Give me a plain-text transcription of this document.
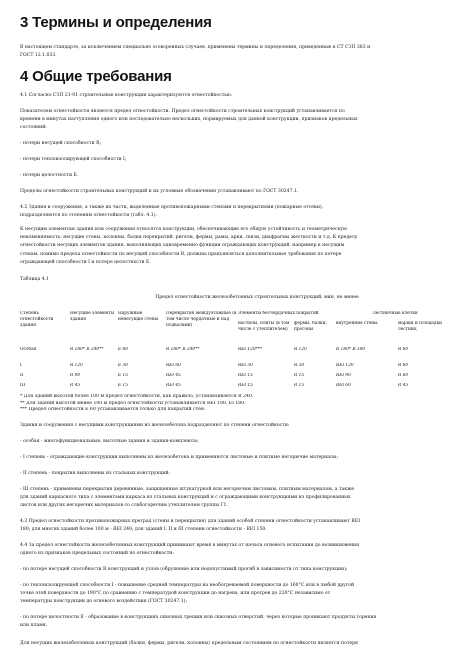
3 Термины и определения
В настоящем стандарте, за исключением специально оговоренных случаев, применены термины и определения, приведенные в СТ СЗП 383 и
ГОСТ 12.1.033.
4 Общие требования
4.1 Согласно СЗП 21-01 строительные конструкции характеризуются огнестойкостью.
Показателем огнестойкости является предел огнестойкости. Предел огнестойкости строительных конструкций устанавливается по
времени в минутах наступления одного или последовательно нескольких, нормируемых для данной конструкции, признаков предельных
состояний:
- потери несущей способности R;
- потери теплоизолирующей способности I;
- потери целостности E.
Пределы огнестойкости строительных конструкций и их условные обозначения устанавливают по ГОСТ 30247.1.
4.2 Здания и сооружения, а также их части, выделенные противопожарными стенами и перекрытиями (пожарные отсеки),
подразделяются по степеням огнестойкости (табл. 4.1).
К несущим элементам здания или сооружения относятся конструкции, обеспечивающие его общую устойчивость и геометрическую
неизменяемость: несущие стены, колонны, балки перекрытий, ригели, фермы, рамы, арки, связи, диафрагмы жесткости и т.д. К пределу
огнестойкости несущих элементов здания, выполняющих одновременно функции ограждающих конструкций, например к несущим
стенам, помимо предела огнестойкости по несущей способности R, должны предъявляться дополнительные требования по потере
ограждающей способности I и потере целостности E.
Таблица 4.1
Предел огнестойкости железобетонных строительных конструкций, мин, не менее
Степень огнестойкости здания	Несущие элементы здания	Наружные ненесущие стены	Перекрытия междуэтажные (в том числе чердачные и над подвалами)	Элементы бесчердачных покрытий		Лестничные клетки	
				настилы, плиты (в том числе с утеплителем)	фермы, балки, прогоны	внутренние стены	марши и площадки лестниц
Особая	R 180* R 240**	E 60	R 180* R 240**	REI 120***	R 120	R 180* R 180	R 60
I	R 120	E 30	REI 60	REI 30	R 30	REI 120	R 60
II	R 90	E 15	REI 45	REI 15	R 15	REI 90	R 60
III	R 45	E 15	REI 45	REI 15	R 15	REI 60	R 45
* Для зданий высотой более 100 м предел огнестойкости, как правило, устанавливается R 240.
** Для зданий высотой менее 100 м предел огнестойкости устанавливается REI 180, EI 180.
*** Предел огнестойкости E 60 устанавливается только для покрытий стен.
Здания и сооружения с несущими конструкциями из железобетона подразделяют по степени огнестойкости:
- особая - многофункциональные, высотные здания и здания-комплексы;
- I степень - ограждающие конструкции выполнены из железобетона и применяются листовые и плитные негорючие материалы;
- II степень - покрытия выполнены из стальных конструкций;
- III степень - применены перекрытия деревянные, защищенные штукатуркой или негорючим листовым, плитным материалом, а также
для зданий каркасного типа с элементами каркаса из стальных конструкций и с ограждающими конструкциями из профилированных
листов или других негорючих материалов со слабогорючим утеплителем группы Г1.
4.3 Предел огнестойкости противопожарных преград (стены и перекрытия) для зданий особой степени огнестойкости устанавливают REI
180; для многих зданий более 100 м - REI 240; для зданий I, II и III степени огнестойкости - REI 150.
4.4 За предел огнестойкости железобетонных конструкций принимают время в минутах от начала огневого испытания до возникновения
одного из признаков предельных состояний по огнестойкости:
- по потере несущей способности R конструкций и узлов (обрушение или недопустимый прогиб в зависимости от типа конструкции);
- по теплоизолирующей способности I - повышение средней температуры на необогреваемой поверхности до 160°С или в любой другой
точке этой поверхности до 190°С по сравнению с температурой конструкции до нагрева, или прогрев до 220°С независимо от
температуры конструкции до огневого воздействия (ГОСТ 30247.1);
- по потере целостности E - образование в конструкциях сквозных трещин или сквозных отверстий, через которые проникают продукты горения
или пламя.
Для несущих железобетонных конструкций (балки, фермы, ригели, колонны) предельным состоянием по огнестойкости является потеря
